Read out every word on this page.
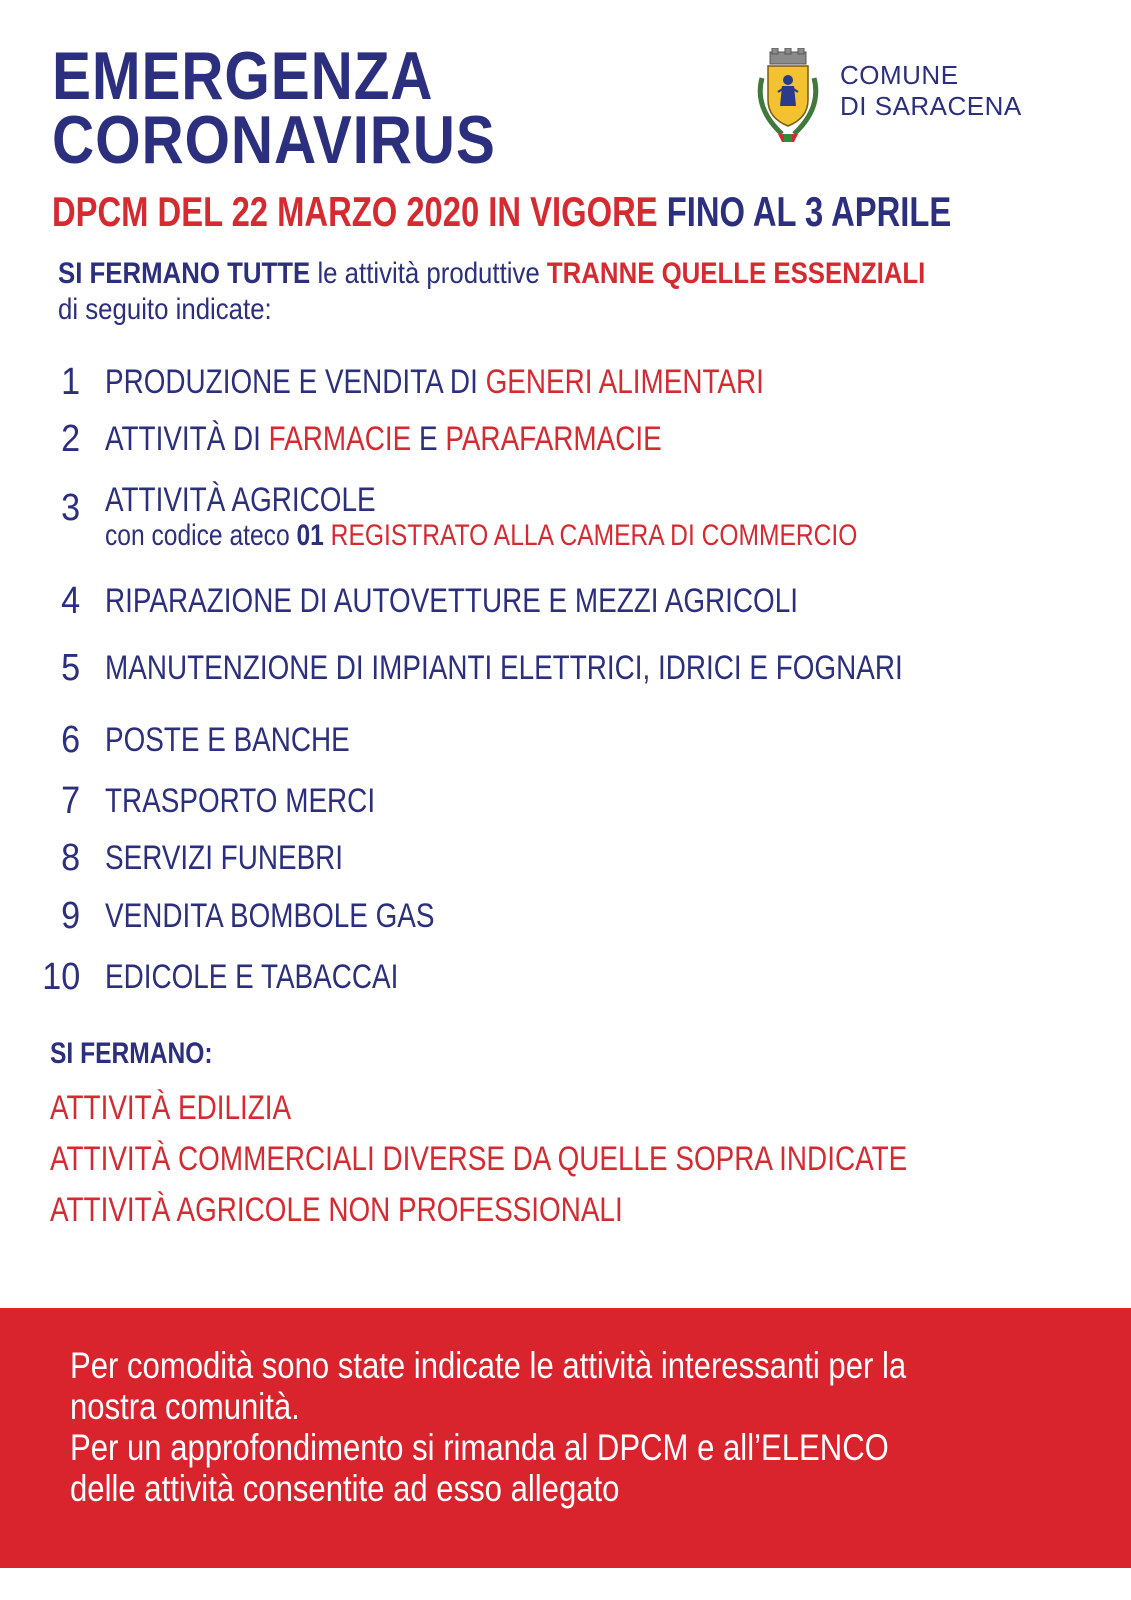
EMERGENZA
CORONAVIRUS
DPCM DEL 22 MARZO 2020 IN VIGORE FINO AL 3 APRILE
COMUNE
DI SARACENA
SI FERMANO TUTTE le attività produttive TRANNE QUELLE ESSENZIALI
di seguito indicate:
1 PRODUZIONE E VENDITA DI GENERI ALIMENTARI
2 ATTIVITÀ DI FARMACIE E PARAFARMACIE
3 ATTIVITÀ AGRICOLE
con codice ateco 01 REGISTRATO ALLA CAMERA DI COMMERCIO
4 RIPARAZIONE DI AUTOVETTURE E MEZZI AGRICOLI
5 MANUTENZIONE DI IMPIANTI ELETTRICI, IDRICI E FOGNARI
6 POSTE E BANCHE
7 TRASPORTO MERCI
8 SERVIZI FUNEBRI
9 VENDITA BOMBOLE GAS
10 EDICOLE E TABACCAI
SI FERMANO:
ATTIVITÀ EDILIZIA
ATTIVITÀ COMMERCIALI DIVERSE DA QUELLE SOPRA INDICATE
ATTIVITÀ AGRICOLE NON PROFESSIONALI
Per comodità sono state indicate le attività interessanti per la
nostra comunità.
Per un approfondimento si rimanda al DPCM e all’ELENCO
delle attività consentite ad esso allegato
